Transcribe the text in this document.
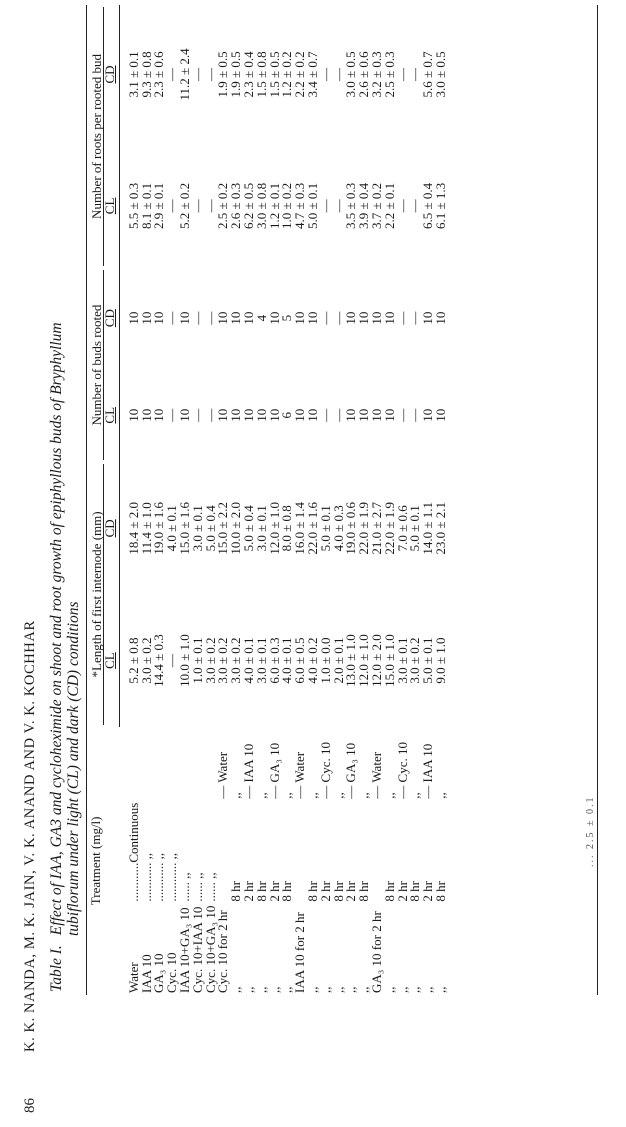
86
K. K. NANDA, M. K. JAIN, V. K. ANAND AND V. K. KOCHHAR Table I.Effect of IAA, GA3 and cycloheximide on shoot and root growth of epiphyllous buds of Bryphyllum tubiflorum under light (CL) and dark (CD) conditions Treatment (mg/l)			*Length of first internode (mm)		Number of buds rooted		Number of roots per rooted bud	

			CL	CD	CL	CD	CL	CD
Water	............Continuous		5.2 ± 0.8	18.4 ± 2.0	10	10	5.5 ± 0.3	3.1 ± 0.1
IAA 10	............ ,,		3.0 ± 0.2	11.4 ± 1.0	10	10	8.1 ± 0.1	9.3 ± 0.8
GA₃ 10	............ ,,		14.4 ± 0.3	19.0 ± 1.6	10	10	2.9 ± 0.1	2.3 ± 0.6
Cyc. 10	............ ,,		—	4.0 ± 0.1	—	—	—	—
IAA 10+GA₃ 10	...... ,,		10.0 ± 1.0	15.0 ± 1.6	10	10	5.2 ± 0.2	11.2 ± 2.4
Cyc. 10+IAA 10	...... ,,		1.0 ± 0.1	3.0 ± 0.1	—	—	—	—
Cyc. 10+GA₃ 10	...... ,,		3.0 ± 0.2	5.0 ± 0.4	—	—	—	—
Cyc. 10 for 2 hr		— Water	3.0 ± 0.2	15.0 ± 2.2	10	10	2.5 ± 0.2	1.9 ± 0.5
,,	8 hr	,,	3.0 ± 0.2	10.0 ± 2.0	10	10	2.6 ± 0.3	1.9 ± 0.5
,,	2 hr	— IAA 10	4.0 ± 0.1	5.0 ± 0.4	10	10	6.2 ± 0.5	2.3 ± 0.4
,,	8 hr	,,	3.0 ± 0.1	3.0 ± 0.1	10	4	3.0 ± 0.8	1.5 ± 0.8
,,	2 hr	— GA₃ 10	6.0 ± 0.3	12.0 ± 1.0	10	10	1.2 ± 0.1	1.5 ± 0.5
,,	8 hr	,,	4.0 ± 0.1	8.0 ± 0.8	6	5	1.0 ± 0.2	1.2 ± 0.2
IAA 10 for 2 hr		— Water	6.0 ± 0.5	16.0 ± 1.4	10	10	4.7 ± 0.3	2.2 ± 0.2
,,	8 hr	,,	4.0 ± 0.2	22.0 ± 1.6	10	10	5.0 ± 0.1	3.4 ± 0.7
,,	2 hr	— Cyc. 10	1.0 ± 0.0	5.0 ± 0.1	—	—	—	—
,,	8 hr	,,	2.0 ± 0.1	4.0 ± 0.3	—	—	—	—
,,	2 hr	— GA₃ 10	13.0 ± 1.0	19.0 ± 0.6	10	10	3.5 ± 0.3	3.0 ± 0.5
,,	8 hr	,,	12.0 ± 1.0	22.0 ± 1.9	10	10	3.9 ± 0.4	2.6 ± 0.6
GA₃ 10 for 2 hr		— Water	12.0 ± 2.0	21.0 ± 2.7	10	10	3.7 ± 0.2	3.2 ± 0.3
,,	8 hr	,,	15.0 ± 1.0	22.0 ± 1.9	10	10	2.2 ± 0.1	2.5 ± 0.3
,,	2 hr	— Cyc. 10	3.0 ± 0.1	7.0 ± 0.6	—	—	—	—
,,	8 hr	,,	3.0 ± 0.2	5.0 ± 0.1	—	—	—	—
,,	2 hr	— IAA 10	5.0 ± 0.1	14.0 ± 1.1	10	10	6.5 ± 0.4	5.6 ± 0.7
,,	8 hr	,,	9.0 ± 1.0	23.0 ± 2.1	10	10	6.1 ± 1.3	3.0 ± 0.5
... 2.5 ± 0.1
